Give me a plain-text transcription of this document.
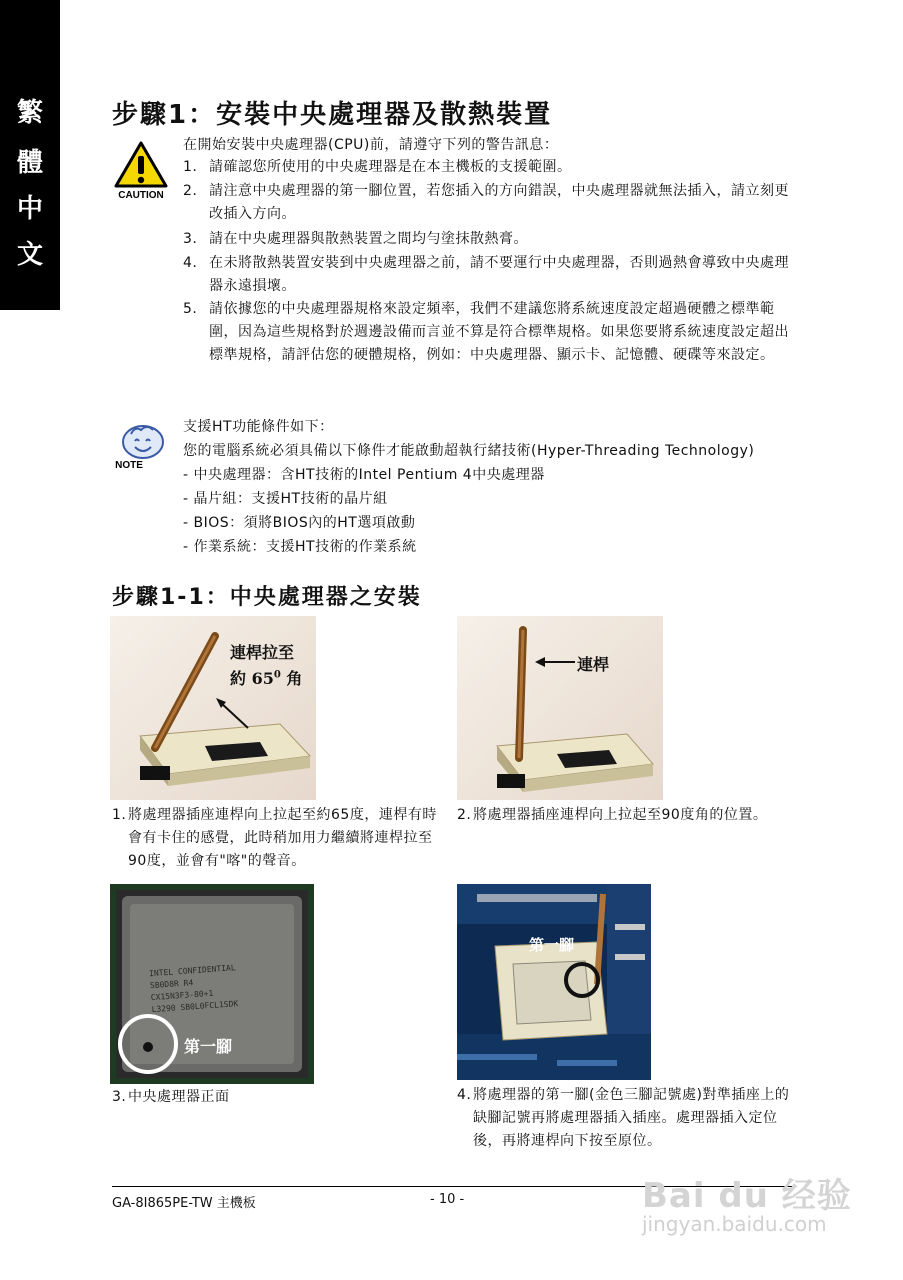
繁
體
中
文
步驟1：安裝中央處理器及散熱裝置
CAUTION
在開始安裝中央處理器(CPU)前，請遵守下列的警告訊息：
1. 請確認您所使用的中央處理器是在本主機板的支援範圍。
2. 請注意中央處理器的第一腳位置，若您插入的方向錯誤，中央處理器就無法插入，請立刻更改插入方向。
3. 請在中央處理器與散熱裝置之間均勻塗抹散熱膏。
4. 在未將散熱裝置安裝到中央處理器之前，請不要運行中央處理器，否則過熱會導致中央處理器永遠損壞。
5. 請依據您的中央處理器規格來設定頻率，我們不建議您將系統速度設定超過硬體之標準範圍，因為這些規格對於週邊設備而言並不算是符合標準規格。如果您要將系統速度設定超出標準規格，請評估您的硬體規格，例如：中央處理器、顯示卡、記憶體、硬碟等來設定。
NOTE
支援HT功能條件如下：
您的電腦系統必須具備以下條件才能啟動超執行緒技術(Hyper-Threading Technology)
- 中央處理器：含HT技術的Intel Pentium 4中央處理器
- 晶片組：支援HT技術的晶片組
- BIOS：須將BIOS內的HT選項啟動
- 作業系統：支援HT技術的作業系統
步驟1-1：中央處理器之安裝
連桿拉至
約 $65^0$ 角
連桿
1. 將處理器插座連桿向上拉起至約65度，連桿有時會有卡住的感覺，此時稍加用力繼續將連桿拉至90度，並會有"喀"的聲音。
2. 將處理器插座連桿向上拉起至90度角的位置。
INTEL CONFIDENTIAL
SB0D8R R4
CX15N3F3-80+1
L3290 SB0L0FCL1SDK
第一腳
第一腳
3. 中央處理器正面	4. 將處理器的第一腳(金色三腳記號處)對準插座上的缺腳記號再將處理器插入插座。處理器插入定位後，再將連桿向下按至原位。
GA-8I865PE-TW 主機板	- 10 -	Bai du 经验
jingyan.baidu.com
